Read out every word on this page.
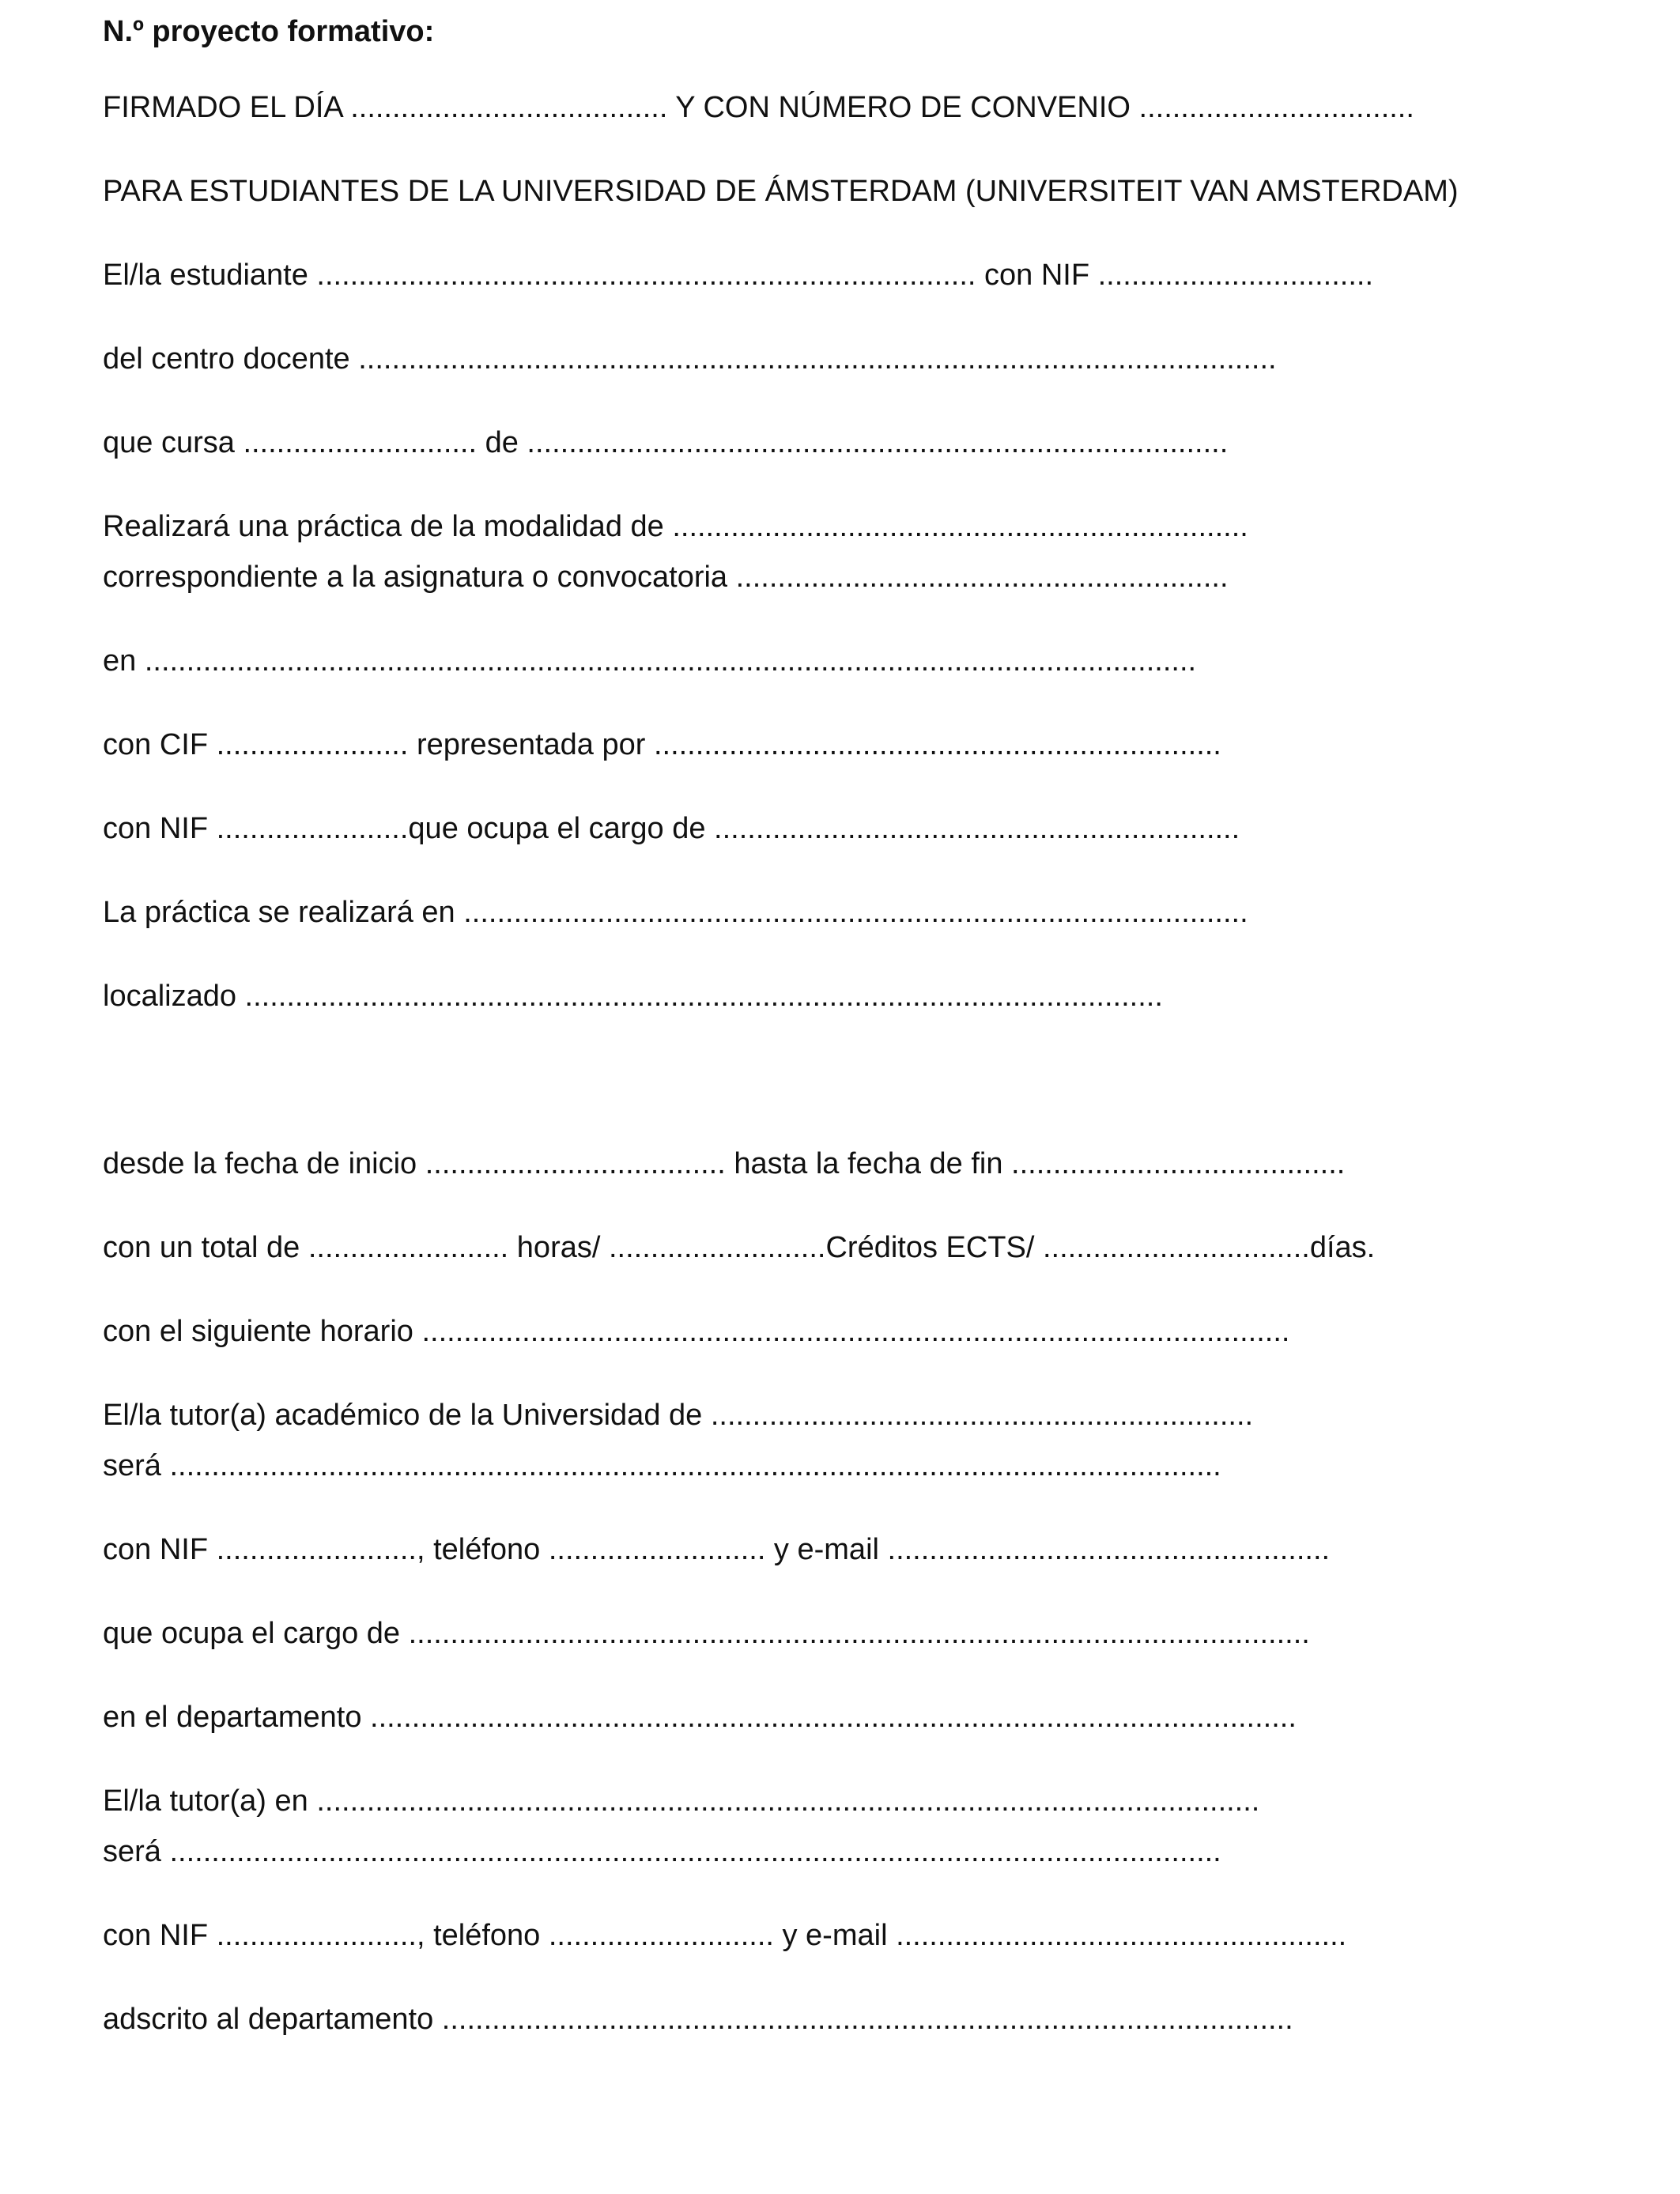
N.º proyecto formativo:
FIRMADO EL DÍA ...................................... Y CON NÚMERO DE CONVENIO .................................
PARA ESTUDIANTES DE LA UNIVERSIDAD DE ÁMSTERDAM (UNIVERSITEIT VAN AMSTERDAM)
El/la estudiante ............................................................................... con NIF .................................
del centro docente ..............................................................................................................
que cursa ............................ de ....................................................................................
Realizará una práctica de la modalidad de .....................................................................
correspondiente a la asignatura o convocatoria ...........................................................
en ..............................................................................................................................
con CIF ....................... representada por ....................................................................
con NIF .......................que ocupa el cargo de ...............................................................
La práctica se realizará en ..............................................................................................
localizado ..............................................................................................................
desde la fecha de inicio .................................... hasta la fecha de fin ........................................
con un total de ........................ horas/ ..........................Créditos ECTS/ ................................días.
con el siguiente horario ........................................................................................................
El/la tutor(a) académico de la Universidad de .................................................................
será ..............................................................................................................................
con NIF ........................, teléfono .......................... y e-mail .....................................................
que ocupa el cargo de ............................................................................................................
en el departamento ...............................................................................................................
El/la tutor(a) en .................................................................................................................
será ..............................................................................................................................
con NIF ........................, teléfono ........................... y e-mail ......................................................
adscrito al departamento ......................................................................................................
